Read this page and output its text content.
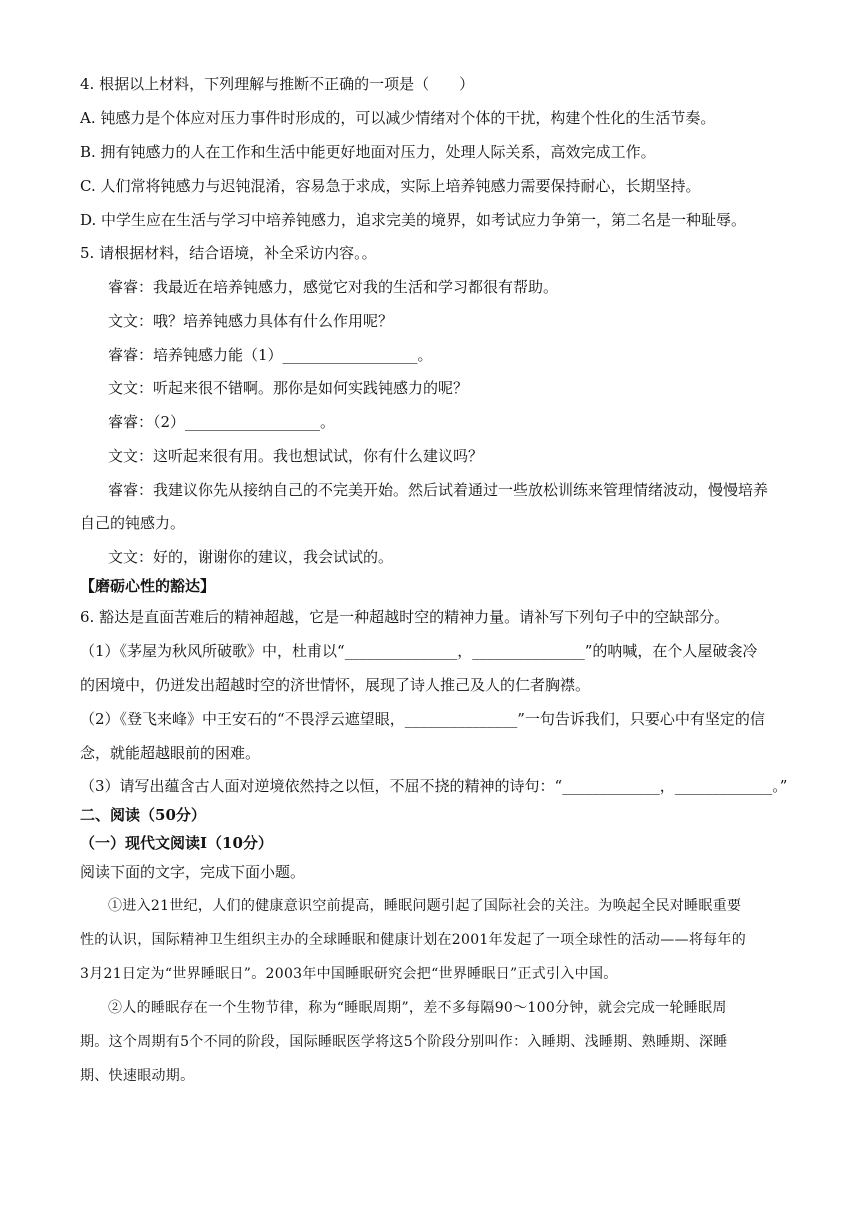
4. 根据以上材料，下列理解与推断不正确的一项是（　　）
A. 钝感力是个体应对压力事件时形成的，可以减少情绪对个体的干扰，构建个性化的生活节奏。
B. 拥有钝感力的人在工作和生活中能更好地面对压力，处理人际关系，高效完成工作。
C. 人们常将钝感力与迟钝混淆，容易急于求成，实际上培养钝感力需要保持耐心，长期坚持。
D. 中学生应在生活与学习中培养钝感力，追求完美的境界，如考试应力争第一，第二名是一种耻辱。
5. 请根据材料，结合语境，补全采访内容。。
睿睿：我最近在培养钝感力，感觉它对我的生活和学习都很有帮助。
文文：哦？培养钝感力具体有什么作用呢？
睿睿：培养钝感力能（1）__________________。
文文：听起来很不错啊。那你是如何实践钝感力的呢？
睿睿：（2）__________________。
文文：这听起来很有用。我也想试试，你有什么建议吗？
睿睿：我建议你先从接纳自己的不完美开始。然后试着通过一些放松训练来管理情绪波动，慢慢培养
自己的钝感力。
文文：好的，谢谢你的建议，我会试试的。
【磨砺心性的豁达】
6. 豁达是直面苦难后的精神超越，它是一种超越时空的精神力量。请补写下列句子中的空缺部分。
（1）《茅屋为秋风所破歌》中，杜甫以“_______________，_______________”的呐喊，在个人屋破衾冷
的困境中，仍迸发出超越时空的济世情怀，展现了诗人推己及人的仁者胸襟。
（2）《登飞来峰》中王安石的“不畏浮云遮望眼，_______________”一句告诉我们，只要心中有坚定的信
念，就能超越眼前的困难。
（3）请写出蕴含古人面对逆境依然持之以恒，不屈不挠的精神的诗句：“_____________，_____________。”
二、阅读（50分）
（一）现代文阅读Ⅰ（10分）
阅读下面的文字，完成下面小题。
①进入21世纪，人们的健康意识空前提高，睡眠问题引起了国际社会的关注。为唤起全民对睡眠重要
性的认识，国际精神卫生组织主办的全球睡眠和健康计划在2001年发起了一项全球性的活动——将每年的
3月21日定为“世界睡眠日”。2003年中国睡眠研究会把“世界睡眠日”正式引入中国。
②人的睡眠存在一个生物节律，称为“睡眠周期”，差不多每隔90～100分钟，就会完成一轮睡眠周
期。这个周期有5个不同的阶段，国际睡眠医学将这5个阶段分别叫作：入睡期、浅睡期、熟睡期、深睡
期、快速眼动期。
